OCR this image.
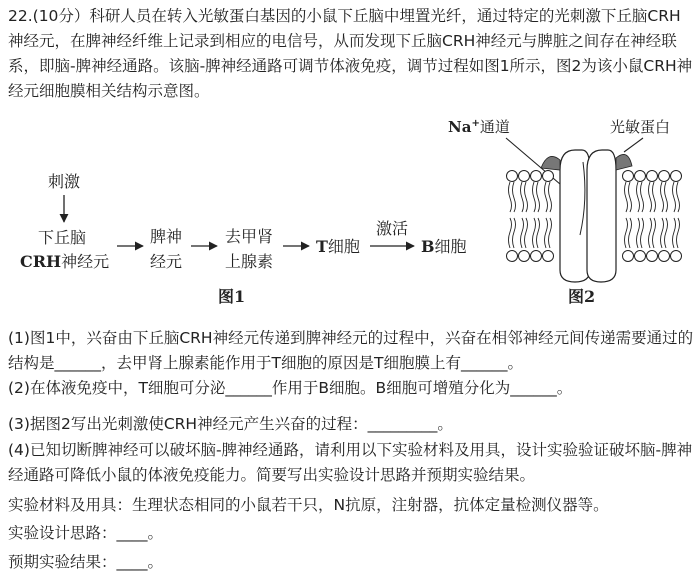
22.(10分）科研人员在转入光敏蛋白基因的小鼠下丘脑中埋置光纤，通过特定的光刺激下丘脑CRH神经元，在脾神经纤维上记录到相应的电信号，从而发现下丘脑CRH神经元与脾脏之间存在神经联系，即脑-脾神经通路。该脑-脾神经通路可调节体液免疫，调节过程如图1所示，图2为该小鼠CRH神经元细胞膜相关结构示意图。

刺激
下丘脑
CRH神经元
脾神
经元
去甲肾
上腺素
T细胞
激活
B细胞
图1
Na+通道	光敏蛋白
图2

(1)图1中，兴奋由下丘脑CRH神经元传递到脾神经元的过程中，兴奋在相邻神经元间传递需要通过的结构是______，去甲肾上腺素能作用于T细胞的原因是T细胞膜上有______。

(2)在体液免疫中，T细胞可分泌______作用于B细胞。B细胞可增殖分化为______。

(3)据图2写出光刺激使CRH神经元产生兴奋的过程：_________。

(4)已知切断脾神经可以破坏脑-脾神经通路，请利用以下实验材料及用具，设计实验验证破坏脑-脾神经通路可降低小鼠的体液免疫能力。简要写出实验设计思路并预期实验结果。

实验材料及用具：生理状态相同的小鼠若干只，N抗原，注射器，抗体定量检测仪器等。

实验设计思路：____。

预期实验结果：____。
